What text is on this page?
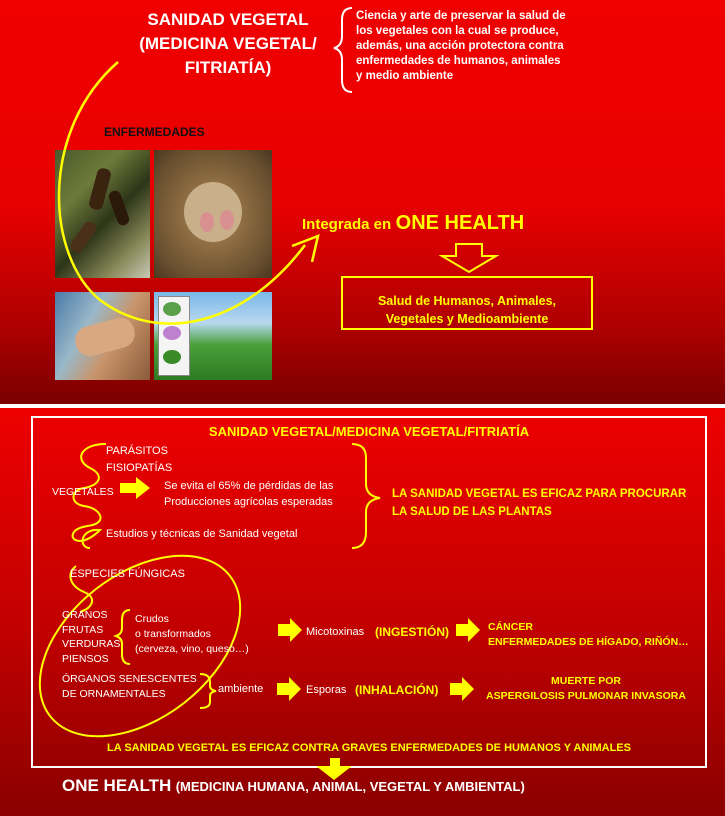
SANIDAD VEGETAL
(MEDICINA VEGETAL/
FITRIATÍA)
Ciencia y arte de preservar la salud de
los vegetales con la cual se produce,
además, una acción protectora contra
enfermedades de humanos, animales
y medio ambiente
ENFERMEDADES
Integrada en ONE HEALTH
Salud de Humanos, Animales,
Vegetales y Medioambiente
SANIDAD VEGETAL/MEDICINA VEGETAL/FITRIATÍA
PARÁSITOS
FISIOPATÍAS
VEGETALES	Se evita el 65% de pérdidas de las
Producciones agrícolas esperadas
Estudios y técnicas de Sanidad vegetal
LA SANIDAD VEGETAL ES EFICAZ PARA PROCURAR
LA SALUD DE LAS PLANTAS
ESPECIES FÚNGICAS
GRANOS
FRUTAS
VERDURAS
PIENSOS
Crudos
o transformados
(cerveza, vino, queso…)
Micotoxinas (INGESTIÓN)	CÁNCER
ENFERMEDADES DE HÍGADO, RIÑÓN…
ÓRGANOS SENESCENTES
DE ORNAMENTALES	ambiente	Esporas (INHALACIÓN)
MUERTE POR
ASPERGILOSIS PULMONAR INVASORA
LA SANIDAD VEGETAL ES EFICAZ CONTRA GRAVES ENFERMEDADES DE HUMANOS Y ANIMALES
ONE HEALTH (MEDICINA HUMANA, ANIMAL, VEGETAL Y AMBIENTAL)
